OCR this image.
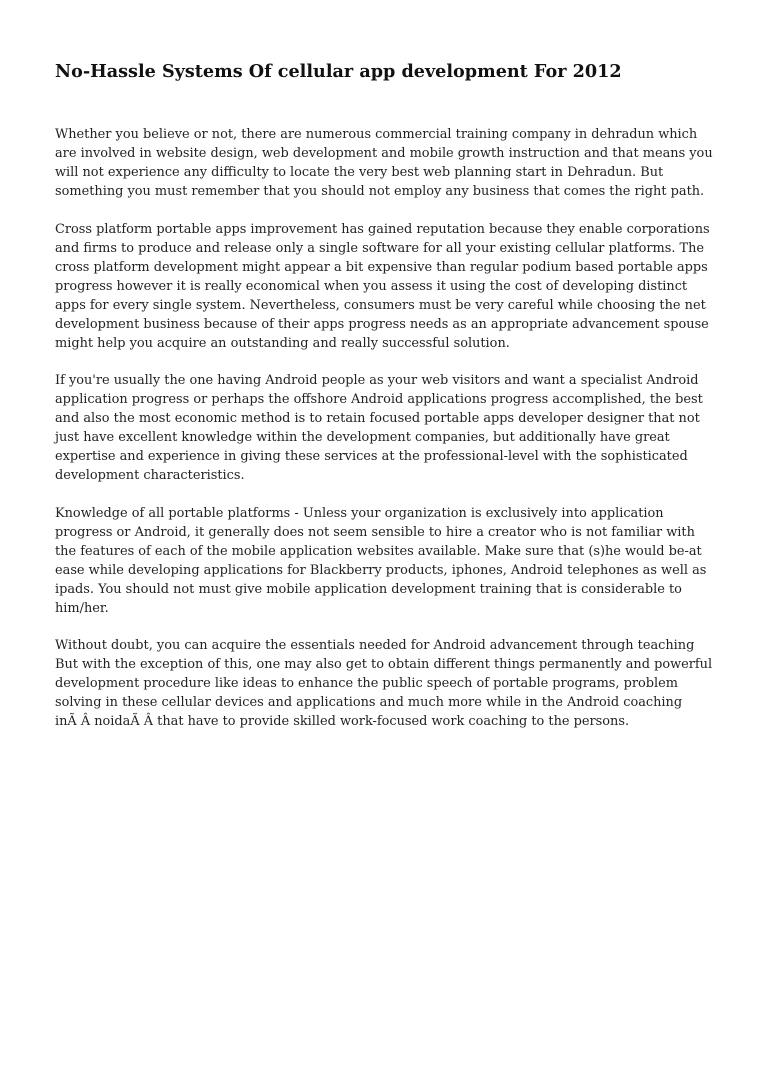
No-Hassle Systems Of cellular app development For 2012

Whether you believe or not, there are numerous commercial training company in dehradun which are involved in website design, web development and mobile growth instruction and that means you will not experience any difficulty to locate the very best web planning start in Dehradun. But something you must remember that you should not employ any business that comes the right path.

Cross platform portable apps improvement has gained reputation because they enable corporations and firms to produce and release only a single software for all your existing cellular platforms. The cross platform development might appear a bit expensive than regular podium based portable apps progress however it is really economical when you assess it using the cost of developing distinct apps for every single system. Nevertheless, consumers must be very careful while choosing the net development business because of their apps progress needs as an appropriate advancement spouse might help you acquire an outstanding and really successful solution.

If you're usually the one having Android people as your web visitors and want a specialist Android application progress or perhaps the offshore Android applications progress accomplished, the best and also the most economic method is to retain focused portable apps developer designer that not just have excellent knowledge within the development companies, but additionally have great expertise and experience in giving these services at the professional-level with the sophisticated development characteristics.

Knowledge of all portable platforms - Unless your organization is exclusively into application progress or Android, it generally does not seem sensible to hire a creator who is not familiar with the features of each of the mobile application websites available. Make sure that (s)he would be-at ease while developing applications for Blackberry products, iphones, Android telephones as well as ipads. You should not must give mobile application development training that is considerable to him/her.

Without doubt, you can acquire the essentials needed for Android advancement through teaching But with the exception of this, one may also get to obtain different things permanently and powerful development procedure like ideas to enhance the public speech of portable programs, problem solving in these cellular devices and applications and much more while in the Android coaching inÃ Â noidaÃ Â that have to provide skilled work-focused work coaching to the persons.
